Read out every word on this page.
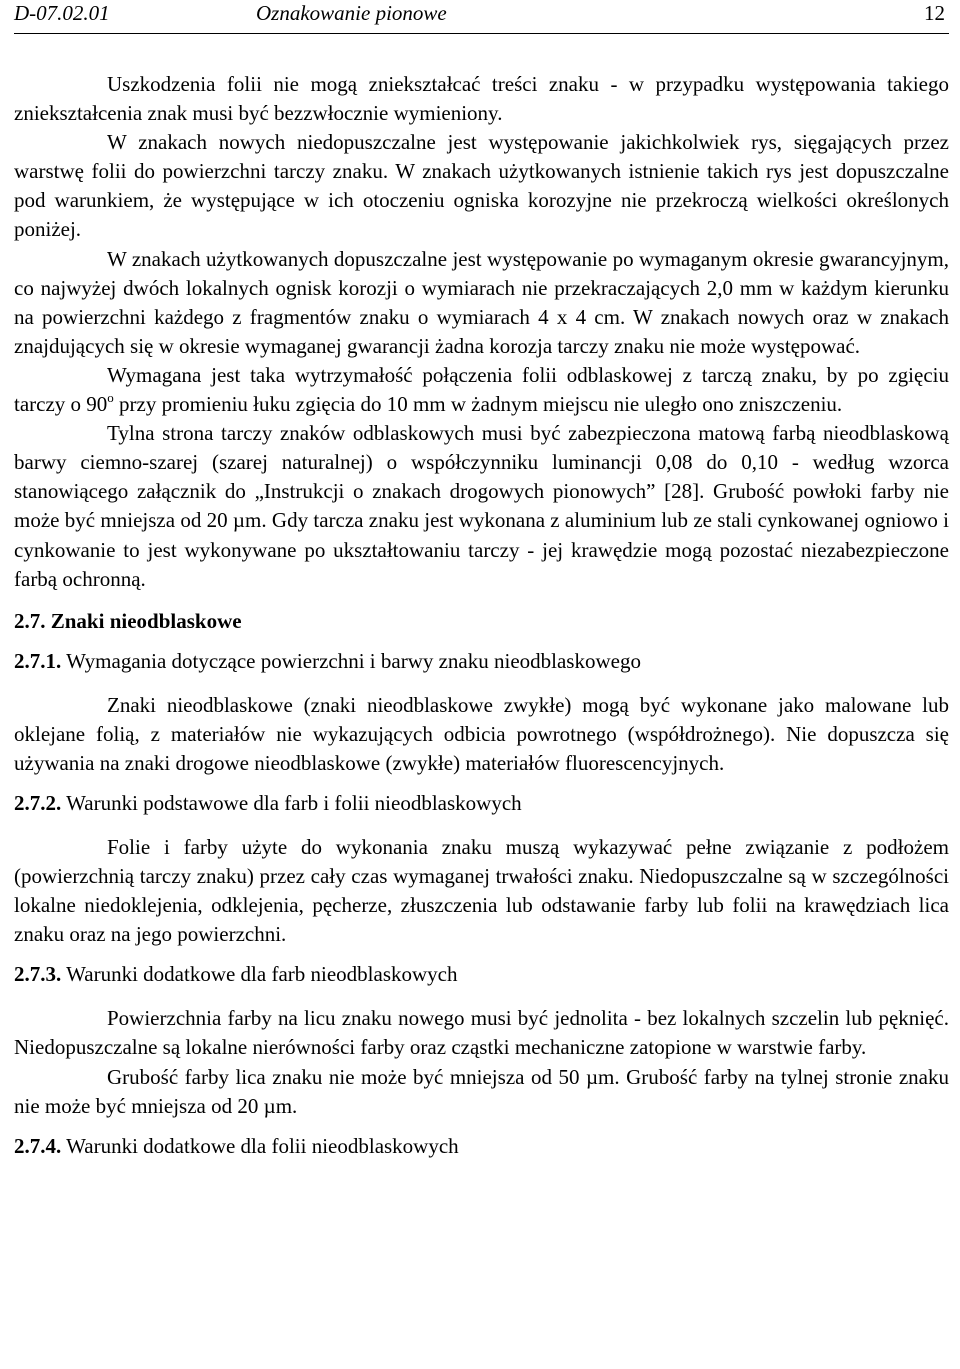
D-07.02.01	Oznakowanie pionowe	12

Uszkodzenia folii nie mogą zniekształcać treści znaku - w przypadku występowania takiego zniekształcenia znak musi być bezzwłocznie wymieniony.

W znakach nowych niedopuszczalne jest występowanie jakichkolwiek rys, sięgających przez warstwę folii do powierzchni tarczy znaku. W znakach użytkowanych istnienie takich rys jest dopuszczalne pod warunkiem, że występujące w ich otoczeniu ogniska korozyjne nie przekroczą wielkości określonych poniżej.

W znakach użytkowanych dopuszczalne jest występowanie po wymaganym okresie gwarancyjnym, co najwyżej dwóch lokalnych ognisk korozji o wymiarach nie przekraczających 2,0 mm w każdym kierunku na powierzchni każdego z fragmentów znaku o wymiarach 4 x 4 cm. W znakach nowych oraz w znakach znajdujących się w okresie wymaganej gwarancji żadna korozja tarczy znaku nie może występować.

Wymagana jest taka wytrzymałość połączenia folii odblaskowej z tarczą znaku, by po zgięciu tarczy o 90$^o$ przy promieniu łuku zgięcia do 10 mm w żadnym miejscu nie uległo ono zniszczeniu.

Tylna strona tarczy znaków odblaskowych musi być zabezpieczona matową farbą nieodblaskową barwy ciemno-szarej (szarej naturalnej) o współczynniku luminancji 0,08 do 0,10 - według wzorca stanowiącego załącznik do „Instrukcji o znakach drogowych pionowych” [28]. Grubość powłoki farby nie może być mniejsza od 20 µm. Gdy tarcza znaku jest wykonana z aluminium lub ze stali cynkowanej ogniowo i cynkowanie to jest wykonywane po ukształtowaniu tarczy - jej krawędzie mogą pozostać niezabezpieczone farbą ochronną.

2.7. Znaki nieodblaskowe
2.7.1. Wymagania dotyczące powierzchni i barwy znaku nieodblaskowego

Znaki nieodblaskowe (znaki nieodblaskowe zwykłe) mogą być wykonane jako malowane lub oklejane folią, z materiałów nie wykazujących odbicia powrotnego (współdrożnego). Nie dopuszcza się używania na znaki drogowe nieodblaskowe (zwykłe) materiałów fluorescencyjnych.

2.7.2. Warunki podstawowe dla farb i folii nieodblaskowych

Folie i farby użyte do wykonania znaku muszą wykazywać pełne związanie z podłożem (powierzchnią tarczy znaku) przez cały czas wymaganej trwałości znaku. Niedopuszczalne są w szczególności lokalne niedoklejenia, odklejenia, pęcherze, złuszczenia lub odstawanie farby lub folii na krawędziach lica znaku oraz na jego powierzchni.

2.7.3. Warunki dodatkowe dla farb nieodblaskowych

Powierzchnia farby na licu znaku nowego musi być jednolita - bez lokalnych szczelin lub pęknięć. Niedopuszczalne są lokalne nierówności farby oraz cząstki mechaniczne zatopione w warstwie farby.

Grubość farby lica znaku nie może być mniejsza od 50 µm. Grubość farby na tylnej stronie znaku nie może być mniejsza od 20 µm.

2.7.4. Warunki dodatkowe dla folii nieodblaskowych
